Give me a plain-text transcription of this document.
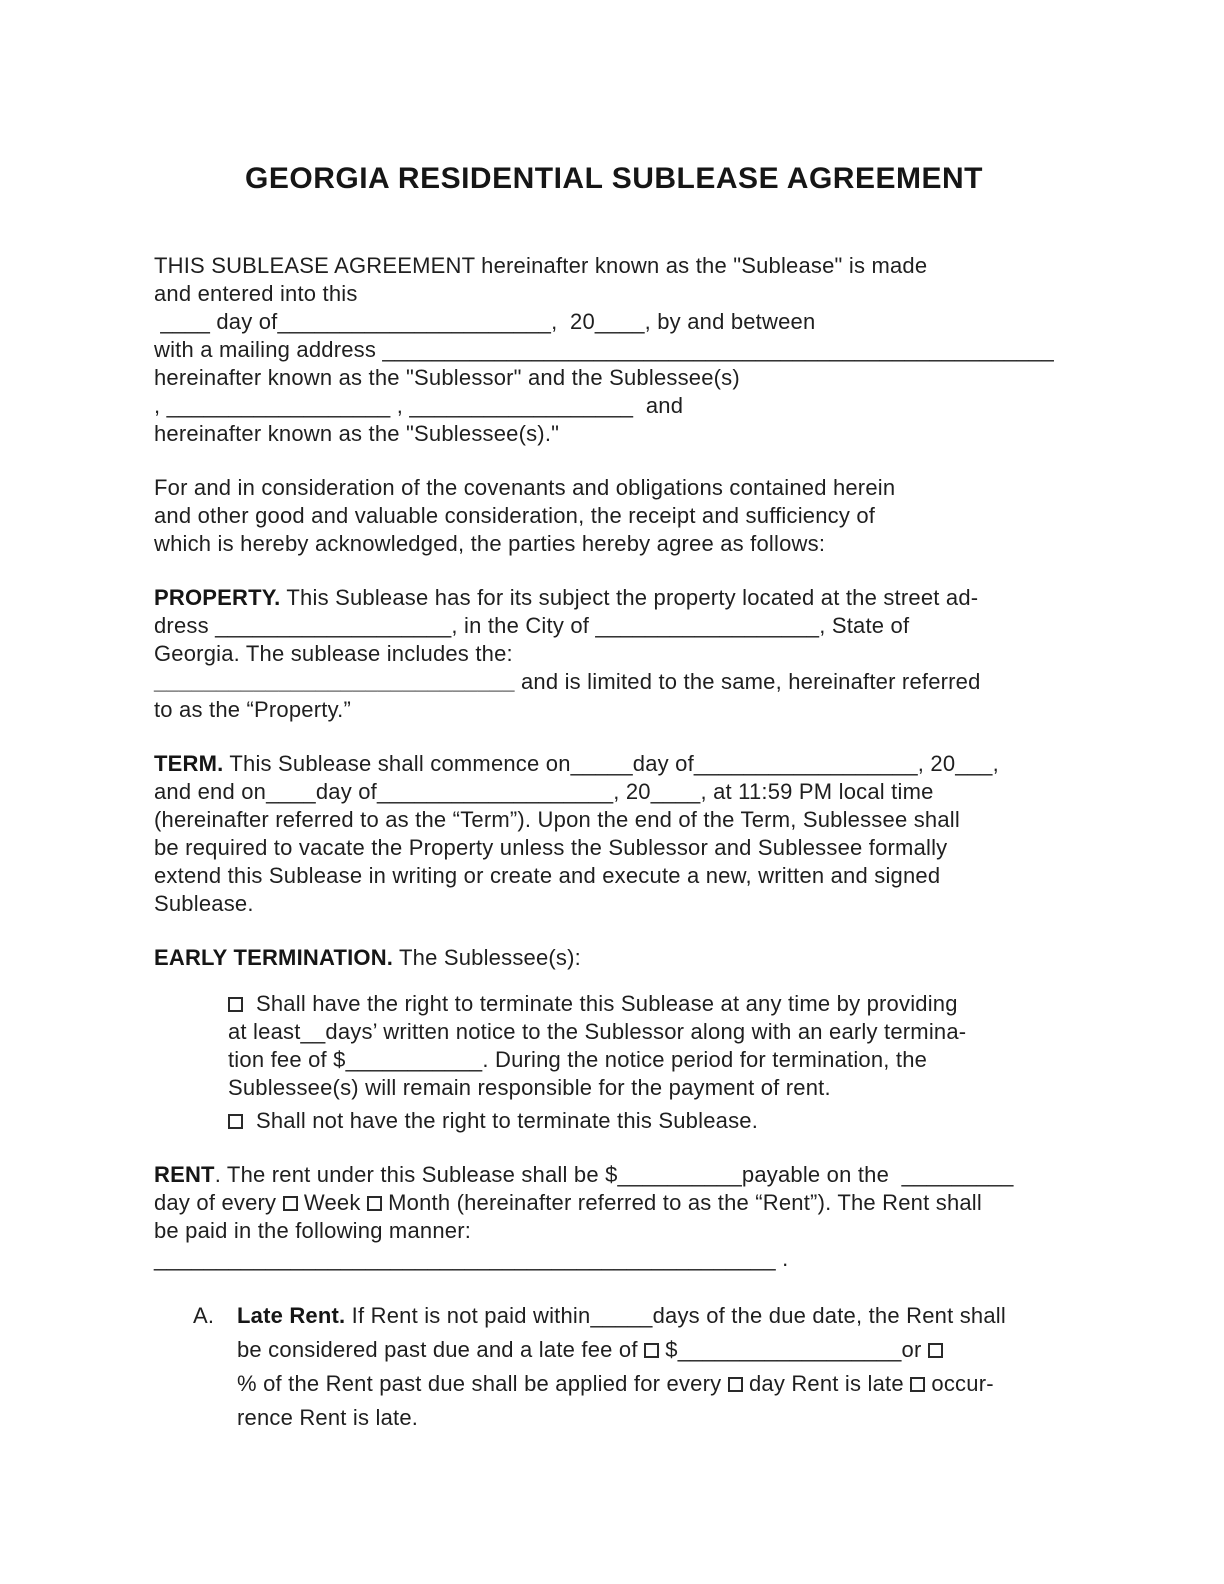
GEORGIA RESIDENTIAL SUBLEASE AGREEMENT
THIS SUBLEASE AGREEMENT hereinafter known as the "Sublease" is made
and entered into this
____ day of______________________,  20____, by and between
with a mailing address ______________________________________________________
hereinafter known as the "Sublessor" and the Sublessee(s)
, __________________ , __________________  and
hereinafter known as the "Sublessee(s)."
For and in consideration of the covenants and obligations contained herein
and other good and valuable consideration, the receipt and sufficiency of
which is hereby acknowledged, the parties hereby agree as follows:
PROPERTY. This Sublease has for its subject the property located at the street ad-
dress ___________________, in the City of __________________, State of
Georgia. The sublease includes the:
_____________________________ and is limited to the same, hereinafter referred
to as the “Property.”
TERM. This Sublease shall commence on_____day of__________________, 20___,
and end on____day of___________________, 20____, at 11:59 PM local time
(hereinafter referred to as the “Term”). Upon the end of the Term, Sublessee shall
be required to vacate the Property unless the Sublessor and Sublessee formally
extend this Sublease in writing or create and execute a new, written and signed
Sublease.
EARLY TERMINATION. The Sublessee(s):
Shall have the right to terminate this Sublease at any time by providing
at least__days’ written notice to the Sublessor along with an early termina-
tion fee of $___________. During the notice period for termination, the
Sublessee(s) will remain responsible for the payment of rent.
Shall not have the right to terminate this Sublease.
RENT. The rent under this Sublease shall be $__________payable on the  _________
day of every  Week  Month (hereinafter referred to as the “Rent”). The Rent shall
be paid in the following manner:
__________________________________________________ .
A.	Late Rent. If Rent is not paid within_____days of the due date, the Rent shall
be considered past due and a late fee of  $__________________or
% of the Rent past due shall be applied for every  day Rent is late  occur-
rence Rent is late.
